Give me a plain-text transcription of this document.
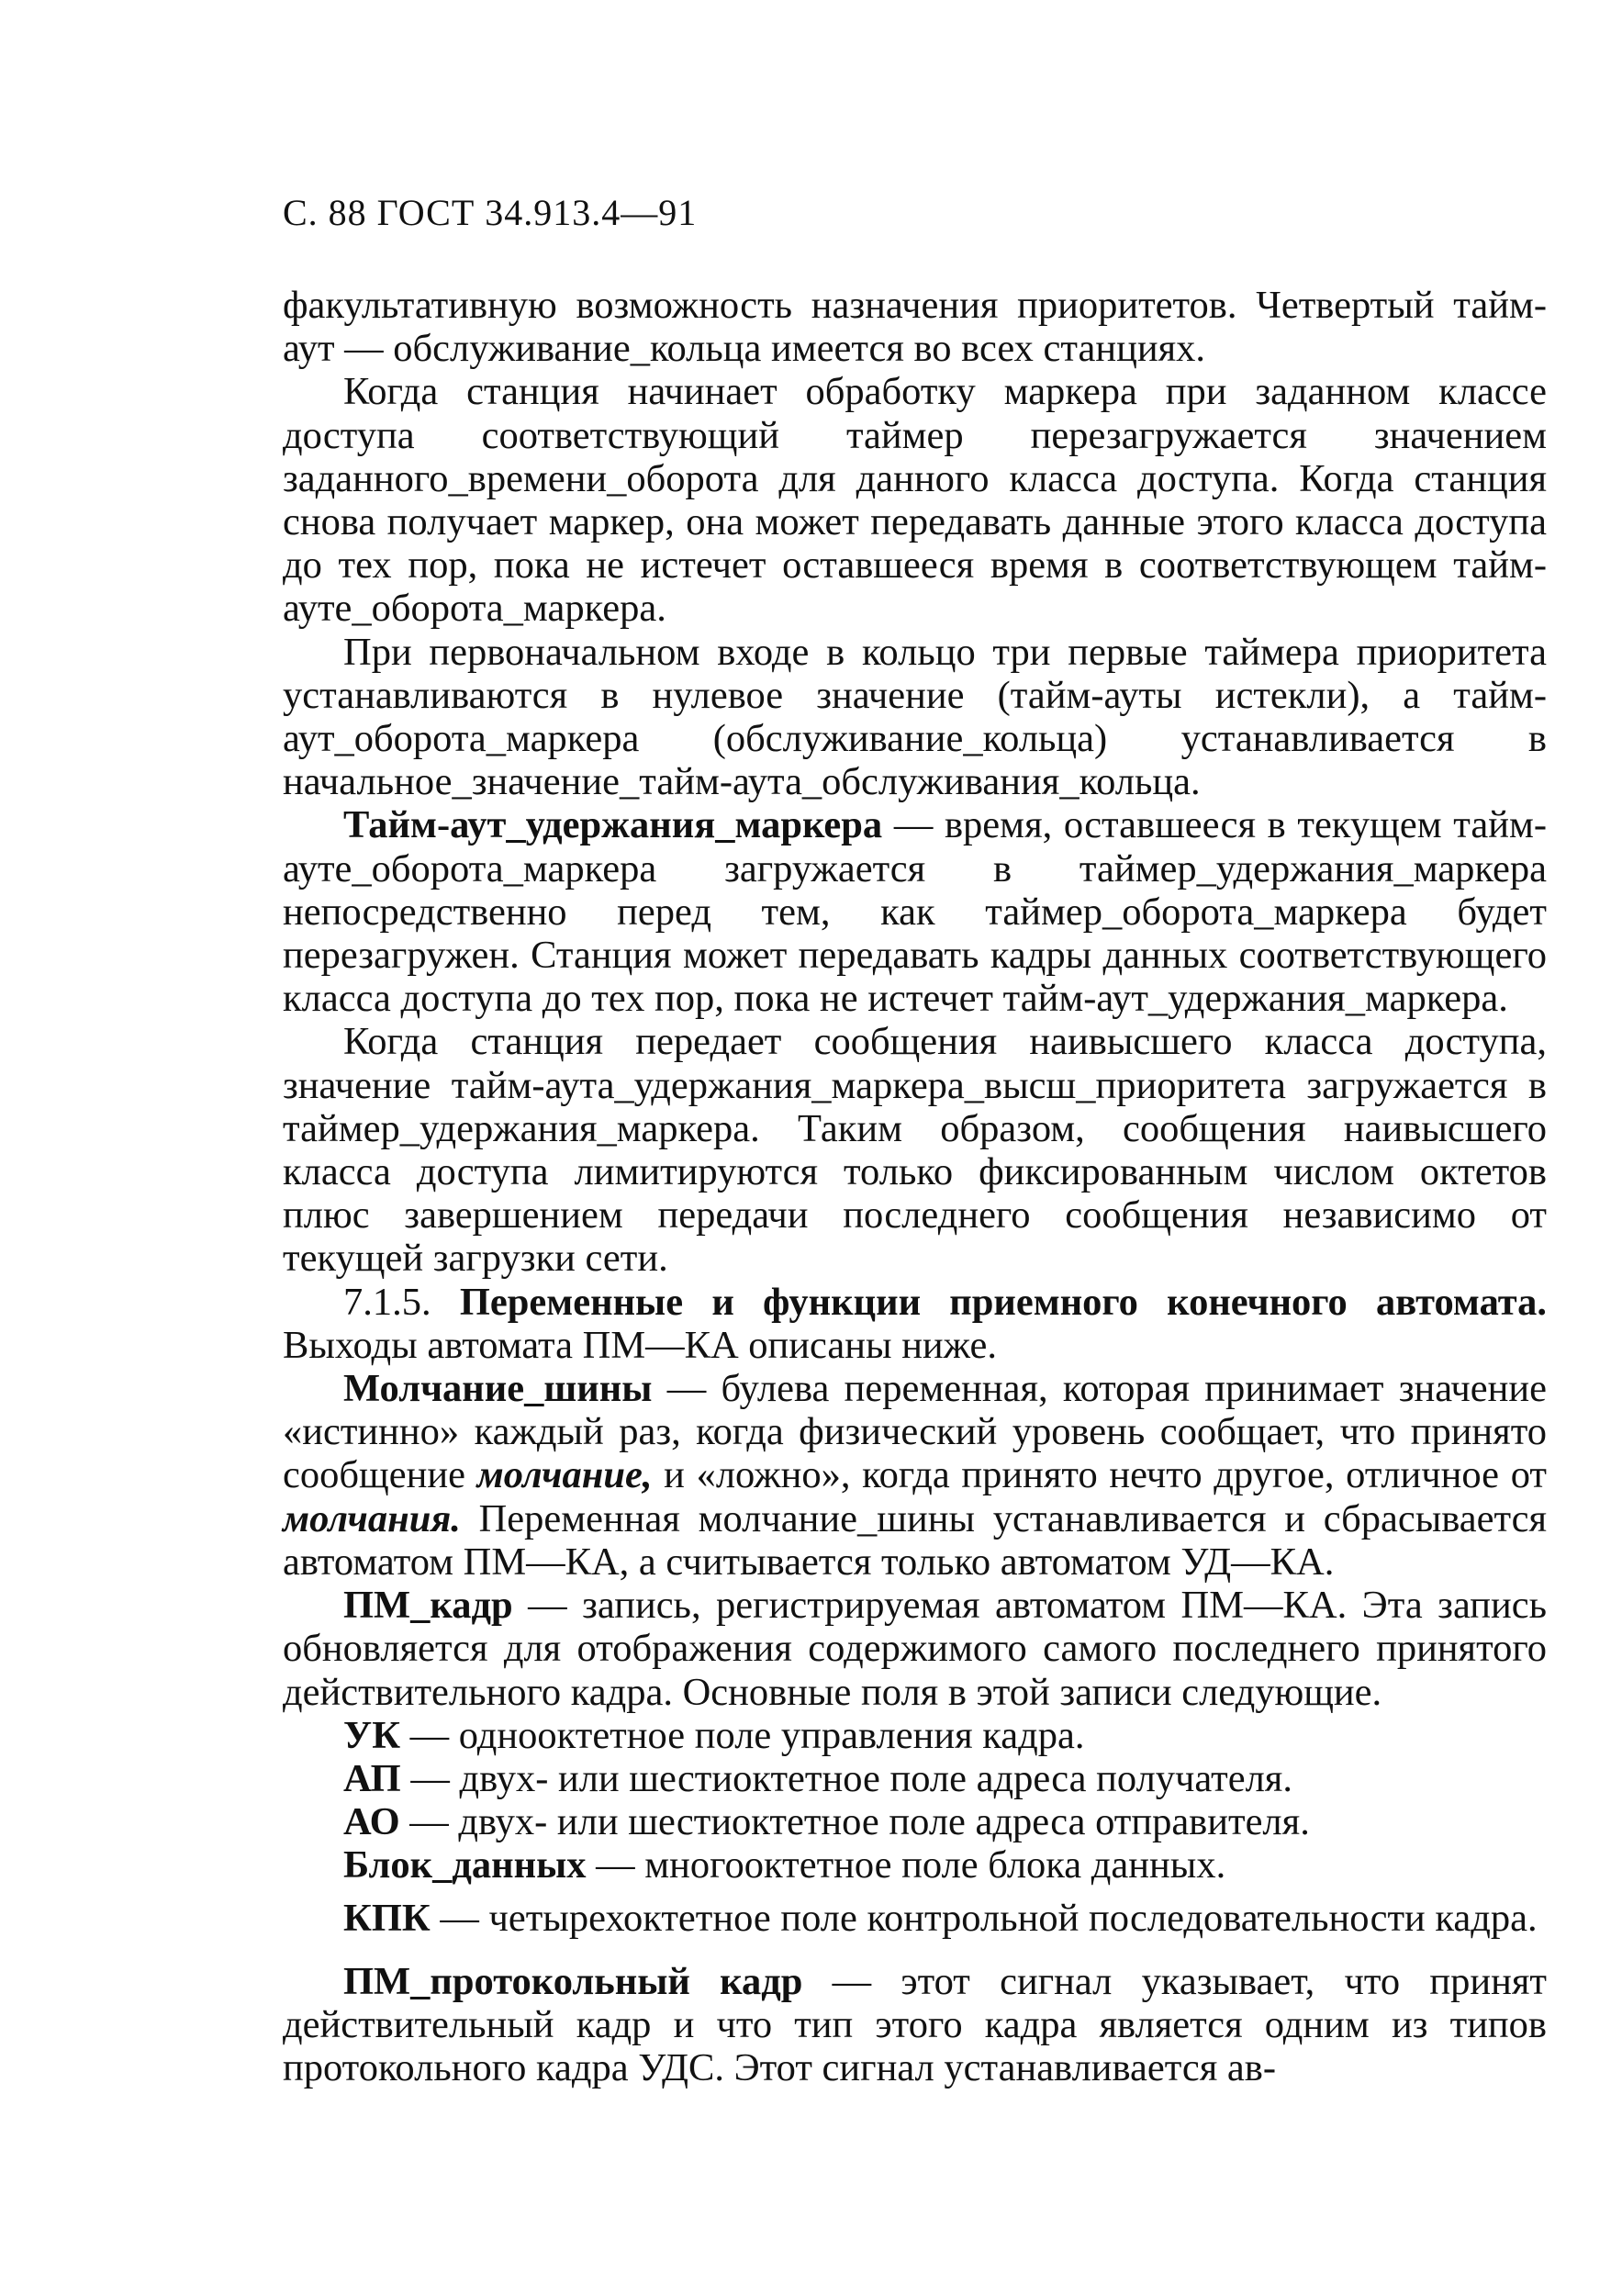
С. 88 ГОСТ 34.913.4—91

факультативную возможность назначения приоритетов. Четвертый тайм-аут — обслуживание_кольца имеется во всех станциях.

Когда станция начинает обработку маркера при заданном классе доступа соответствующий таймер перезагружается значением заданного_времени_оборота для данного класса доступа. Когда станция снова получает маркер, она может передавать данные этого класса доступа до тех пор, пока не истечет оставшееся время в соответствующем тайм-ауте_оборота_маркера.

При первоначальном входе в кольцо три первые таймера приоритета устанавливаются в нулевое значение (тайм-ауты истекли), а тайм-аут_оборота_маркера (обслуживание_кольца) устанавливается в начальное_значение_тайм-аута_обслуживания_кольца.

Тайм-аут_удержания_маркера — время, оставшееся в текущем тайм-ауте_оборота_маркера загружается в таймер_удержания_маркера непосредственно перед тем, как таймер_оборота_маркера будет перезагружен. Станция может передавать кадры данных соответствующего класса доступа до тех пор, пока не истечет тайм-аут_удержания_маркера.

Когда станция передает сообщения наивысшего класса доступа, значение тайм-аута_удержания_маркера_высш_приоритета загружается в таймер_удержания_маркера. Таким образом, сообщения наивысшего класса доступа лимитируются только фиксированным числом октетов плюс завершением передачи последнего сообщения независимо от текущей загрузки сети.

7.1.5. Переменные и функции приемного конечного автомата. Выходы автомата ПМ—КА описаны ниже.

Молчание_шины — булева переменная, которая принимает значение «истинно» каждый раз, когда физический уровень сообщает, что принято сообщение молчание, и «ложно», когда принято нечто другое, отличное от молчания. Переменная молчание_шины устанавливается и сбрасывается автоматом ПМ—КА, а считывается только автоматом УД—КА.

ПМ_кадр — запись, регистрируемая автоматом ПМ—КА. Эта запись обновляется для отображения содержимого самого последнего принятого действительного кадра. Основные поля в этой записи следующие.

УК — однооктетное поле управления кадра.

АП — двух- или шестиоктетное поле адреса получателя.

АО — двух- или шестиоктетное поле адреса отправителя.

Блок_данных — многооктетное поле блока данных.

КПК — четырехоктетное поле контрольной последовательности кадра.

ПМ_протокольный кадр — этот сигнал указывает, что принят действительный кадр и что тип этого кадра является одним из типов протокольного кадра УДС. Этот сигнал устанавливается ав-
